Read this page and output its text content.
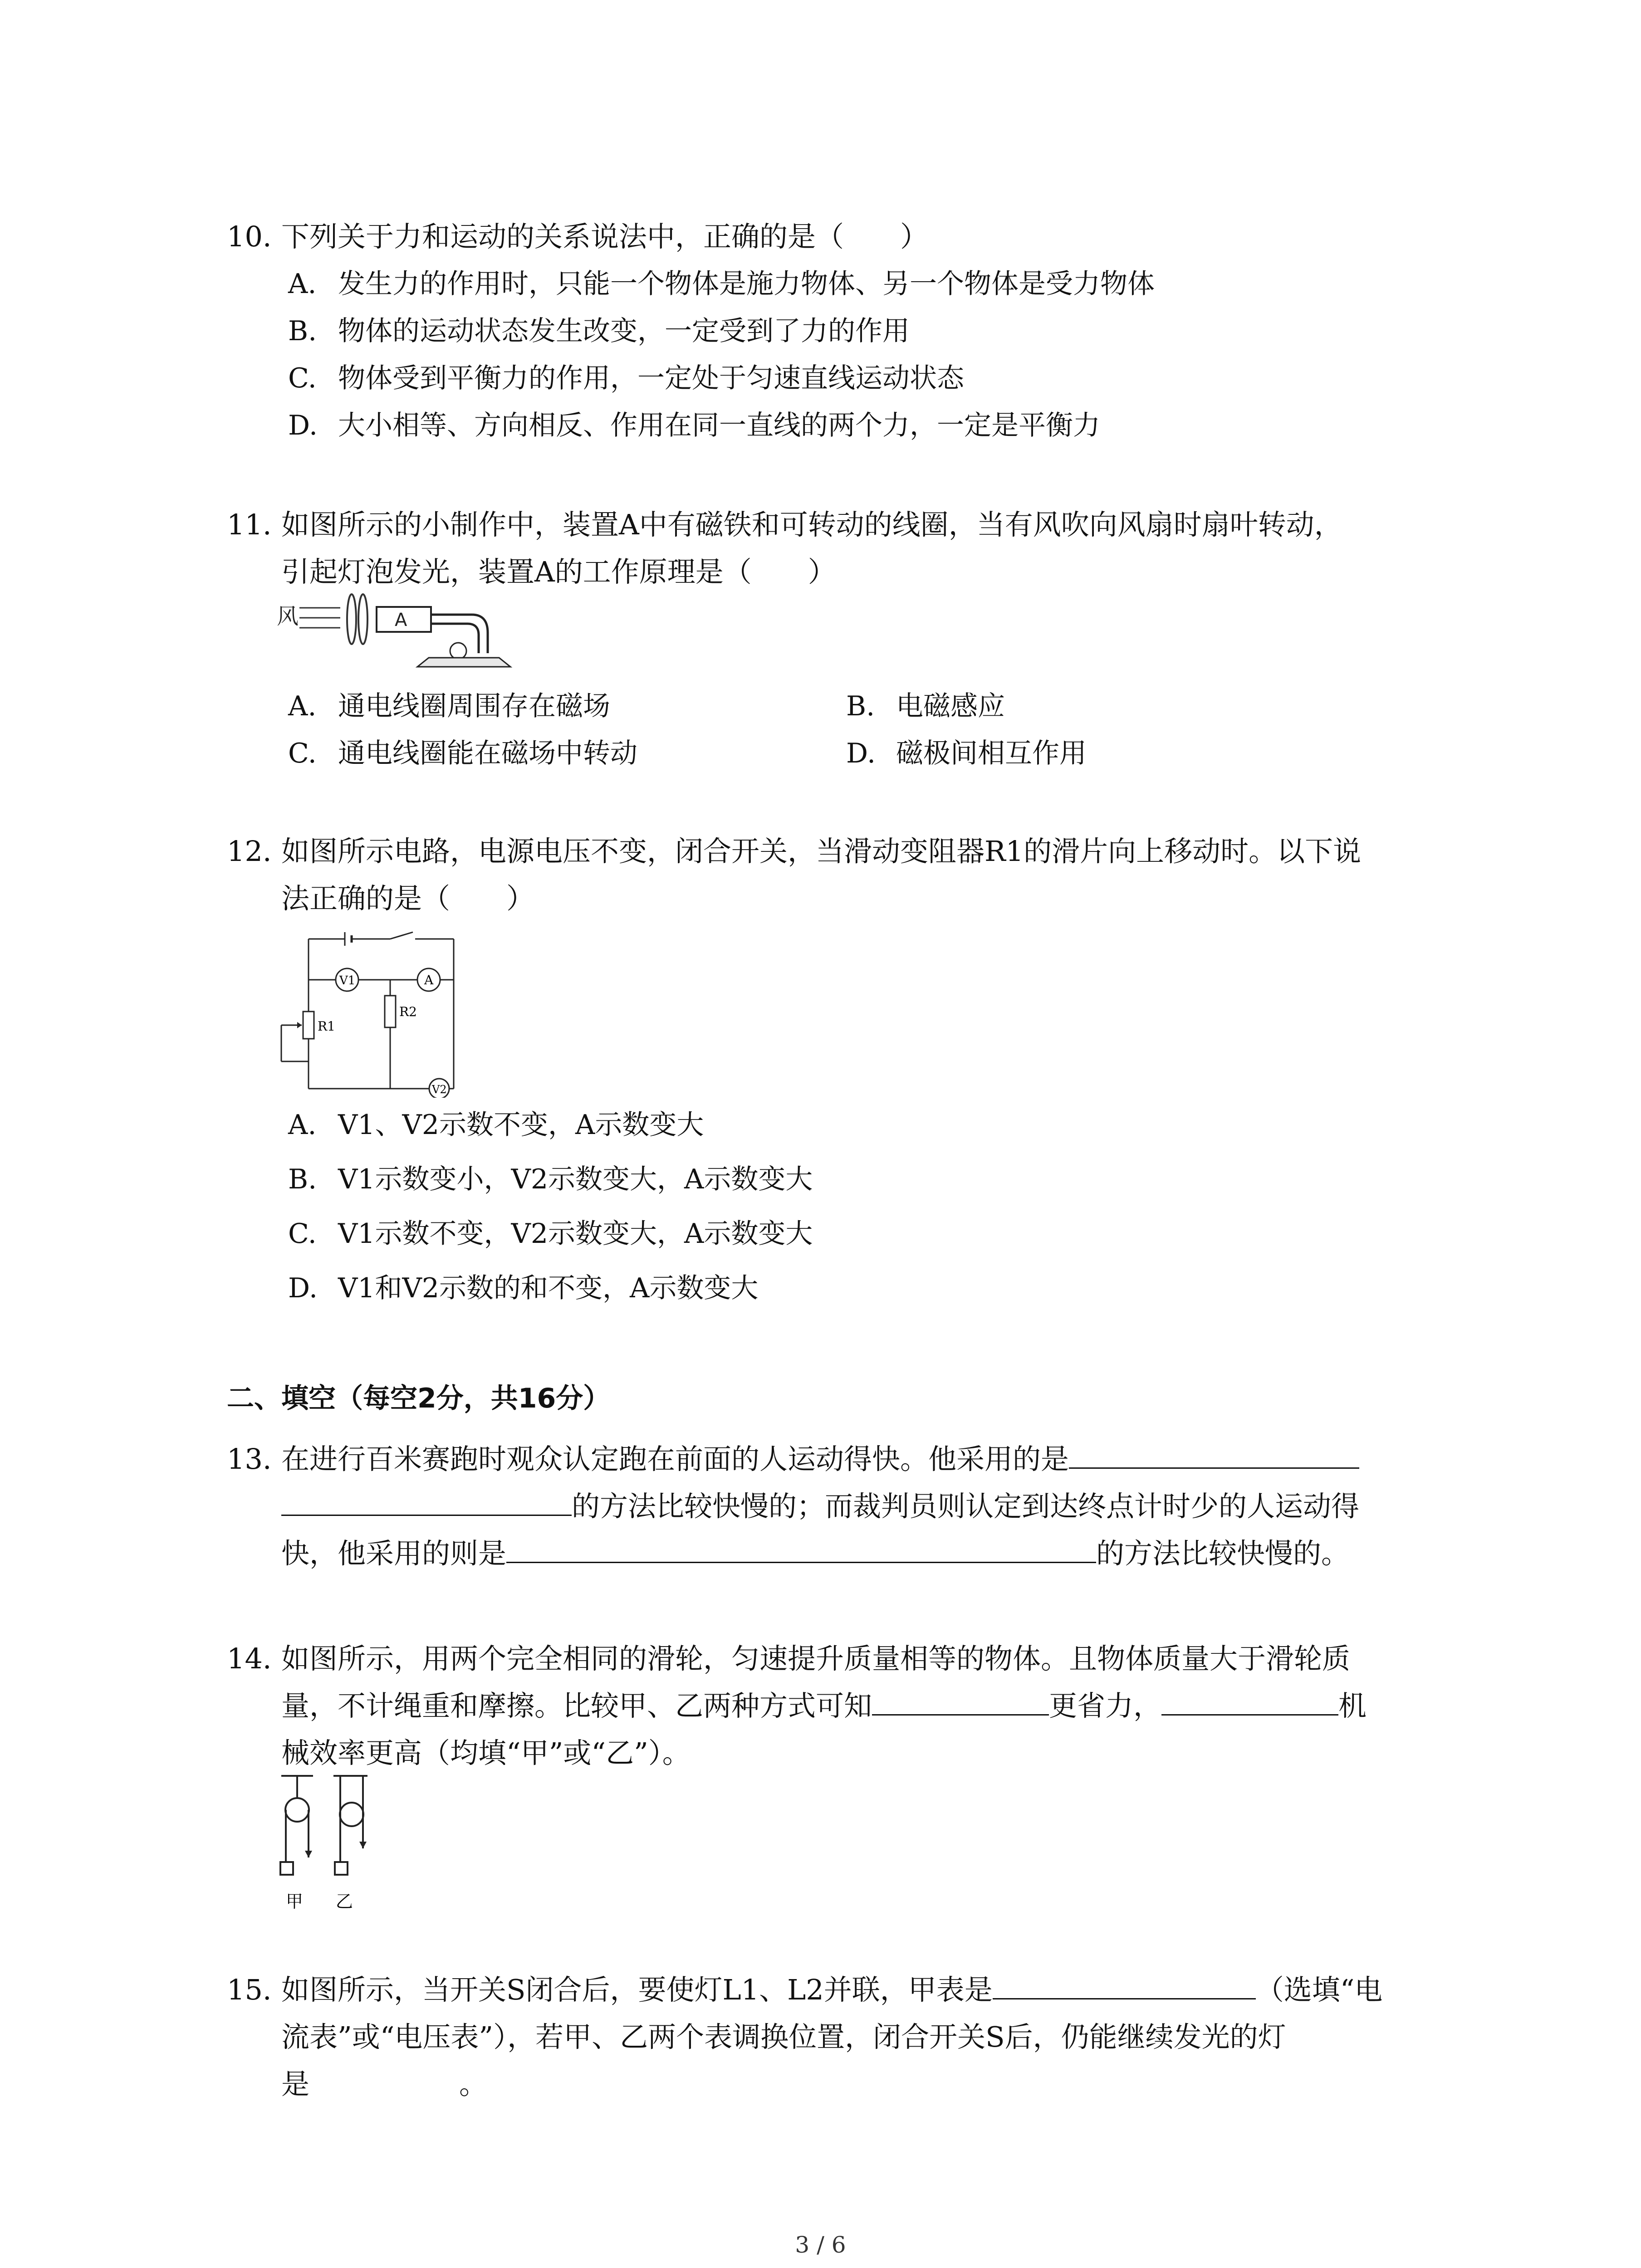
10. 下列关于力和运动的关系说法中，正确的是（　　）
A. 发生力的作用时，只能一个物体是施力物体、另一个物体是受力物体
B. 物体的运动状态发生改变，一定受到了力的作用
C. 物体受到平衡力的作用，一定处于匀速直线运动状态
D. 大小相等、方向相反、作用在同一直线的两个力，一定是平衡力
11. 如图所示的小制作中，装置A中有磁铁和可转动的线圈，当有风吹向风扇时扇叶转动，
引起灯泡发光，装置A的工作原理是（　　）
风	A
A. 通电线圈周围存在磁场	B. 电磁感应
C. 通电线圈能在磁场中转动	D. 磁极间相互作用
12. 如图所示电路，电源电压不变，闭合开关，当滑动变阻器R1的滑片向上移动时。以下说
法正确的是（　　）
V1	A
R2
R1
V2
A. V1、V2示数不变，A示数变大
B. V1示数变小，V2示数变大，A示数变大
C. V1示数不变，V2示数变大，A示数变大
D. V1和V2示数的和不变，A示数变大
二、填空（每空2分，共16分）
13. 在进行百米赛跑时观众认定跑在前面的人运动得快。他采用的是
的方法比较快慢的；而裁判员则认定到达终点计时少的人运动得
快，他采用的则是	的方法比较快慢的。
14. 如图所示，用两个完全相同的滑轮，匀速提升质量相等的物体。且物体质量大于滑轮质
量，不计绳重和摩擦。比较甲、乙两种方式可知	更省力，	机
械效率更高（均填“甲”或“乙”）。
甲 乙
15. 如图所示，当开关S闭合后，要使灯L1、L2并联，甲表是	（选填“电
流表”或“电压表”），若甲、乙两个表调换位置，闭合开关S后，仍能继续发光的灯
是	。
3 / 6
